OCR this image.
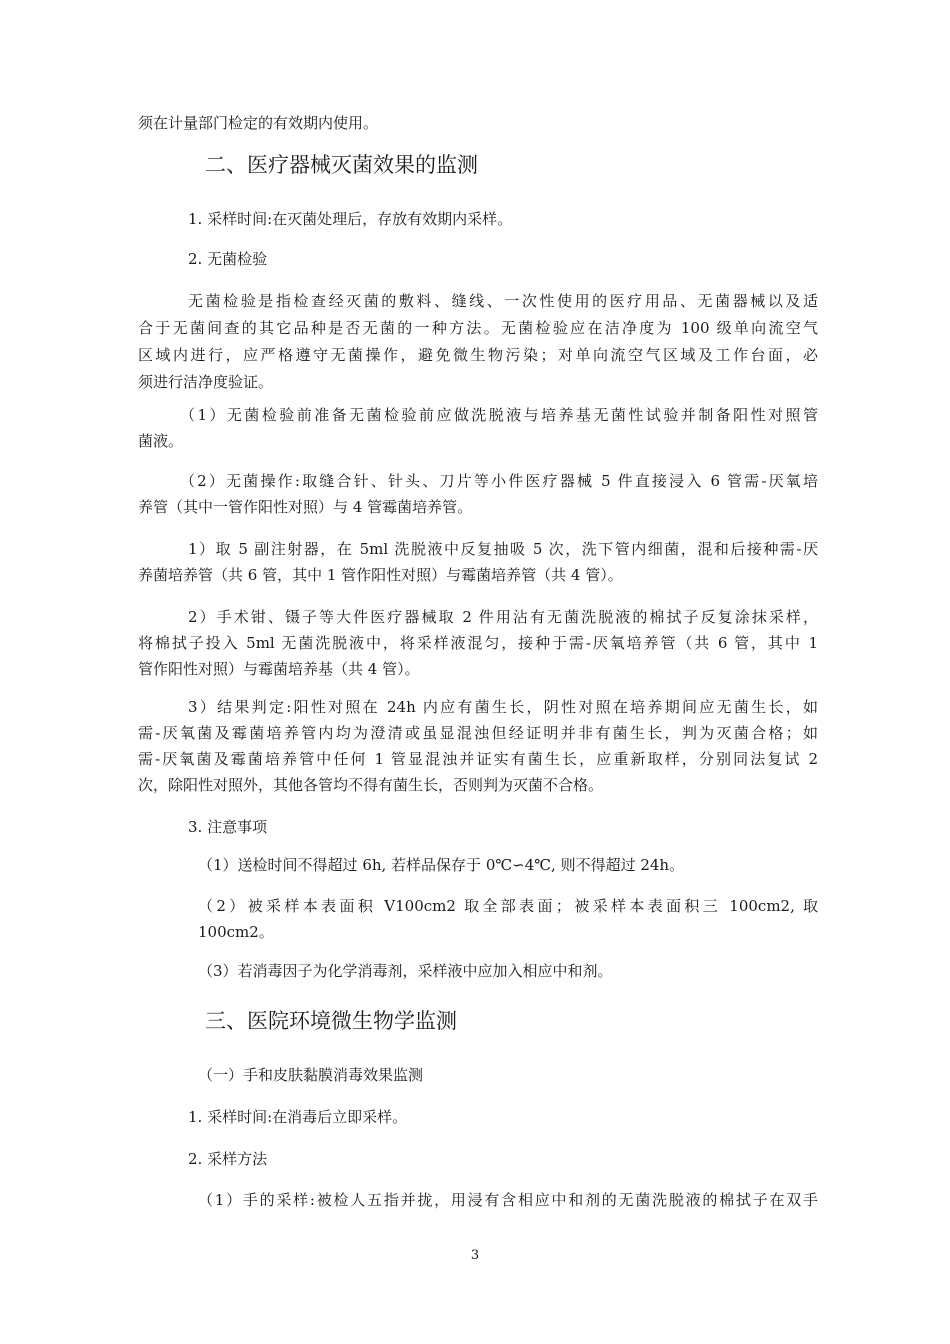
须在计量部门检定的有效期内使用。

二、医疗器械灭菌效果的监测

1. 采样时间:在灭菌处理后，存放有效期内采样。

2. 无菌检验

无菌检验是指检查经灭菌的敷料、缝线、一次性使用的医疗用品、无菌器械以及适

合于无菌间查的其它品种是否无菌的一种方法。无菌检验应在洁净度为 100 级单向流空气

区域内进行，应严格遵守无菌操作，避免微生物污染；对单向流空气区域及工作台面，必

须进行洁净度验证。

（1）无菌检验前准备无菌检验前应做洗脱液与培养基无菌性试验并制备阳性对照管

菌液。

（2）无菌操作:取缝合针、针头、刀片等小件医疗器械 5 件直接浸入 6 管需-厌氧培

养管（其中一管作阳性对照）与 4 管霉菌培养管。

1）取 5 副注射器，在 5ml 洗脱液中反复抽吸 5 次，洗下管内细菌，混和后接种需-厌

养菌培养管（共 6 管，其中 1 管作阳性对照）与霉菌培养管（共 4 管）。

2）手术钳、镊子等大件医疗器械取 2 件用沾有无菌洗脱液的棉拭子反复涂抹采样，

将棉拭子投入 5ml 无菌洗脱液中，将采样液混匀，接种于需-厌氧培养管（共 6 管，其中 1

管作阳性对照）与霉菌培养基（共 4 管）。

3）结果判定:阳性对照在 24h 内应有菌生长，阴性对照在培养期间应无菌生长，如

需-厌氧菌及霉菌培养管内均为澄清或虽显混浊但经证明并非有菌生长，判为灭菌合格；如

需-厌氧菌及霉菌培养管中任何 1 管显混浊并证实有菌生长，应重新取样，分别同法复试 2

次，除阳性对照外，其他各管均不得有菌生长，否则判为灭菌不合格。

3. 注意事项

（1）送检时间不得超过 6h, 若样品保存于 0℃∽4℃, 则不得超过 24h。

（2）被采样本表面积 V100cm2 取全部表面；被采样本表面积三 100cm2, 取

100cm2。

（3）若消毒因子为化学消毒剂，采样液中应加入相应中和剂。

三、医院环境微生物学监测

（一）手和皮肤黏膜消毒效果监测

1. 采样时间:在消毒后立即采样。

2. 采样方法

（1）手的采样:被检人五指并拢，用浸有含相应中和剂的无菌洗脱液的棉拭子在双手

3
